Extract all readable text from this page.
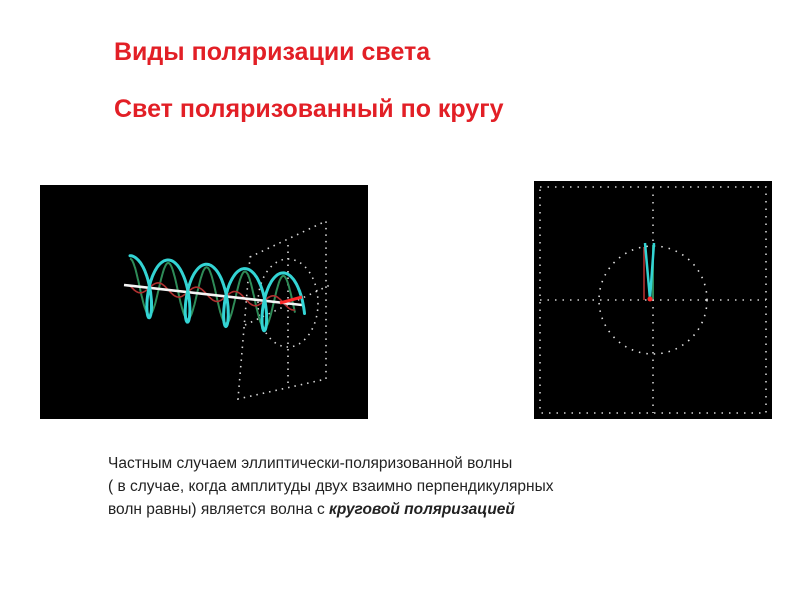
Виды поляризации света
Свет поляризованный по кругу

Частным случаем эллиптически-поляризованной волны

( в случае, когда амплитуды двух взаимно перпендикулярных

волн равны) является волна с круговой поляризацией
